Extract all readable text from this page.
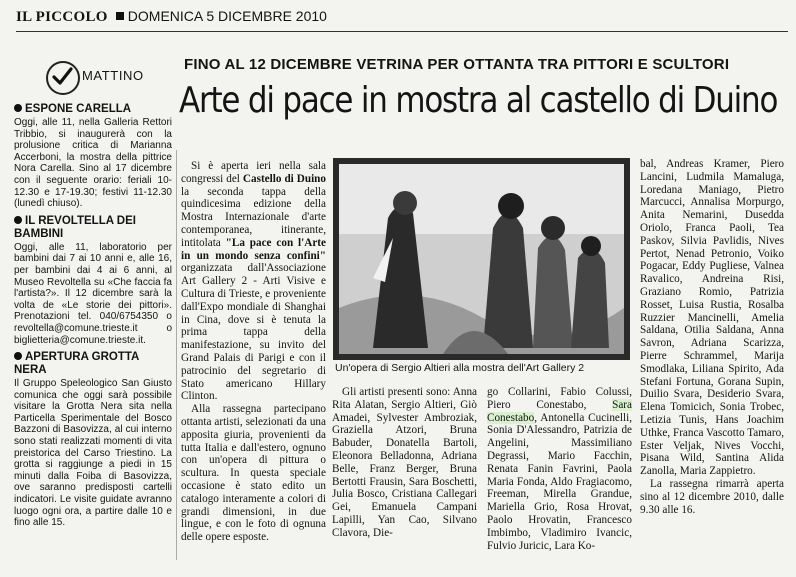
IL PICCOLO DOMENICA 5 DICEMBRE 2010
MATTINO
FINO AL 12 DICEMBRE VETRINA PER OTTANTA TRA PITTORI E SCULTORI
Arte di pace in mostra al castello di Duino
ESPONE CARELLA
Oggi, alle 11, nella Galleria Rettori Tribbio, si inaugurerà con la prolusione critica di Marianna Accerboni, la mostra della pittrice Nora Carella. Sino al 17 dicembre con il seguente orario: feriali 10-12.30 e 17-19.30; festivi 11-12.30 (lunedì chiuso).
IL REVOLTELLA DEI BAMBINI
Oggi, alle 11, laboratorio per bambini dai 7 ai 10 anni e, alle 16, per bambini dai 4 ai 6 anni, al Museo Revoltella su «Che faccia fa l'artista?». Il 12 dicembre sarà la volta de «Le storie dei pittori». Prenotazioni tel. 040/6754350 o revoltella@comune.trieste.it o biglietteria@comune.trieste.it.
APERTURA GROTTA NERA
Il Gruppo Speleologico San Giusto comunica che oggi sarà possibile visitare la Grotta Nera sita nella Particella Sperimentale del Bosco Bazzoni di Basovizza, al cui interno sono stati realizzati momenti di vita preistorica del Carso Triestino. La grotta si raggiunge a piedi in 15 minuti dalla Foiba di Basovizza, ove saranno predisposti cartelli indicatori. Le visite guidate avranno luogo ogni ora, a partire dalle 10 e fino alle 15.

Si è aperta ieri nella sala congressi del Castello di Duino la seconda tappa della quindicesima edizione della Mostra Internazionale d'arte contemporanea, itinerante, intitolata "La pace con l'Arte in un mondo senza confini" organizzata dall'Associazione Art Gallery 2 - Arti Visive e Cultura di Trieste, e proveniente dall'Expo mondiale di Shanghai in Cina, dove si è tenuta la prima tappa della manifestazione, su invito del Grand Palais di Parigi e con il patrocinio del segretario di Stato americano Hillary Clinton.

Alla rassegna partecipano ottanta artisti, selezionati da una apposita giuria, provenienti da tutta Italia e dall'estero, ognuno con un'opera di pittura o scultura. In questa speciale occasione è stato edito un catalogo interamente a colori di grandi dimensioni, in due lingue, e con le foto di ognuna delle opere esposte.

Un'opera di Sergio Altieri alla mostra dell'Art Gallery 2

Gli artisti presenti sono: Anna Rita Alatan, Sergio Altieri, Giò Amadei, Sylvester Ambroziak, Graziella Atzori, Bruna Babuder, Donatella Bartoli, Eleonora Belladonna, Adriana Belle, Franz Berger, Bruna Bertotti Frausin, Sara Boschetti, Julia Bosco, Cristiana Callegari Gei, Emanuela Campani Lapilli, Yan Cao, Silvano Clavora, Die-

go Collarini, Fabio Colussi, Piero Conestabo, Sara Conestabo, Antonella Cucinelli, Sonia D'Alessandro, Patrizia de Angelini, Massimiliano Degrassi, Mario Facchin, Renata Fanin Favrini, Paola Maria Fonda, Aldo Fragiacomo, Freeman, Mirella Grandue, Mariella Grio, Rosa Hrovat, Paolo Hrovatin, Francesco Imbimbo, Vladimiro Ivancic, Fulvio Juricic, Lara Ko-

bal, Andreas Kramer, Piero Lancini, Ludmila Mamaluga, Loredana Maniago, Pietro Marcucci, Annalisa Morpurgo, Anita Nemarini, Dusedda Oriolo, Franca Paoli, Tea Paskov, Silvia Pavlidis, Nives Pertot, Nenad Petronio, Voiko Pogacar, Eddy Pugliese, Valnea Ravalico, Andreina Risi, Graziano Romio, Patrizia Rosset, Luisa Rustia, Rosalba Ruzzier Mancinelli, Amelia Saldana, Otilia Saldana, Anna Savron, Adriana Scarizza, Pierre Schrammel, Marija Smodlaka, Liliana Spirito, Ada Stefani Fortuna, Gorana Supin, Duilio Svara, Desiderio Svara, Elena Tomicich, Sonia Trobec, Letizia Tunis, Hans Joachim Uthke, Franca Vascotto Tamaro, Ester Veljak, Nives Vocchi, Pisana Wild, Santina Alida Zanolla, Maria Zappietro.

La rassegna rimarrà aperta sino al 12 dicembre 2010, dalle 9.30 alle 16.
